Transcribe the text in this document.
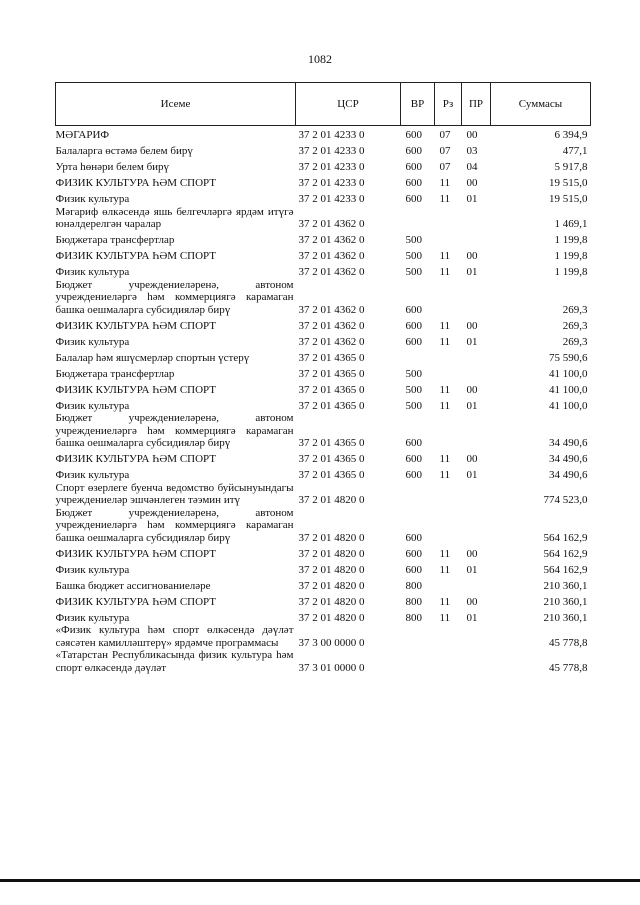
1082
Исеме	ЦСР	ВР	Рз	ПР	Суммасы
МӘГАРИФ	37 2 01 4233 0	600	07	00	6 394,9
Балаларга өстәмә белем бирү	37 2 01 4233 0	600	07	03	477,1
Урта һөнәри белем бирү	37 2 01 4233 0	600	07	04	5 917,8
ФИЗИК КУЛЬТУРА ҺӘМ СПОРТ	37 2 01 4233 0	600	11	00	19 515,0
Физик культура	37 2 01 4233 0	600	11	01	19 515,0
Мәгариф өлкәсендә яшь белгечләргә ярдәм итүгә юнәлдерелгән чаралар	37 2 01 4362 0				1 469,1
Бюджетара трансфертлар	37 2 01 4362 0	500			1 199,8
ФИЗИК КУЛЬТУРА ҺӘМ СПОРТ	37 2 01 4362 0	500	11	00	1 199,8
Физик культура	37 2 01 4362 0	500	11	01	1 199,8
Бюджет учреждениеләренә, автоном учреждениеләргә һәм коммерциягә карамаган башка оешмаларга субсидияләр бирү	37 2 01 4362 0	600			269,3
ФИЗИК КУЛЬТУРА ҺӘМ СПОРТ	37 2 01 4362 0	600	11	00	269,3
Физик культура	37 2 01 4362 0	600	11	01	269,3
Балалар һәм яшүсмерләр спортын үстерү	37 2 01 4365 0				75 590,6
Бюджетара трансфертлар	37 2 01 4365 0	500			41 100,0
ФИЗИК КУЛЬТУРА ҺӘМ СПОРТ	37 2 01 4365 0	500	11	00	41 100,0
Физик культура	37 2 01 4365 0	500	11	01	41 100,0
Бюджет учреждениеләренә, автоном учреждениеләргә һәм коммерциягә карамаган башка оешмаларга субсидияләр бирү	37 2 01 4365 0	600			34 490,6
ФИЗИК КУЛЬТУРА ҺӘМ СПОРТ	37 2 01 4365 0	600	11	00	34 490,6
Физик культура	37 2 01 4365 0	600	11	01	34 490,6
Спорт өзерлеге буенча ведомство буйсынуындагы учреждениеләр эшчәнлеген тәэмин итү	37 2 01 4820 0				774 523,0
Бюджет учреждениеләренә, автоном учреждениеләргә һәм коммерциягә карамаган башка оешмаларга субсидияләр бирү	37 2 01 4820 0	600			564 162,9
ФИЗИК КУЛЬТУРА ҺӘМ СПОРТ	37 2 01 4820 0	600	11	00	564 162,9
Физик культура	37 2 01 4820 0	600	11	01	564 162,9
Башка бюджет ассигнованиеләре	37 2 01 4820 0	800			210 360,1
ФИЗИК КУЛЬТУРА ҺӘМ СПОРТ	37 2 01 4820 0	800	11	00	210 360,1
Физик культура	37 2 01 4820 0	800	11	01	210 360,1
«Физик культура һәм спорт өлкәсендә дәүләт сәясәтен камилләштерү» ярдәмче программасы	37 3 00 0000 0				45 778,8
«Татарстан Республикасында физик культура һәм спорт өлкәсендә дәүләт	37 3 01 0000 0				45 778,8
